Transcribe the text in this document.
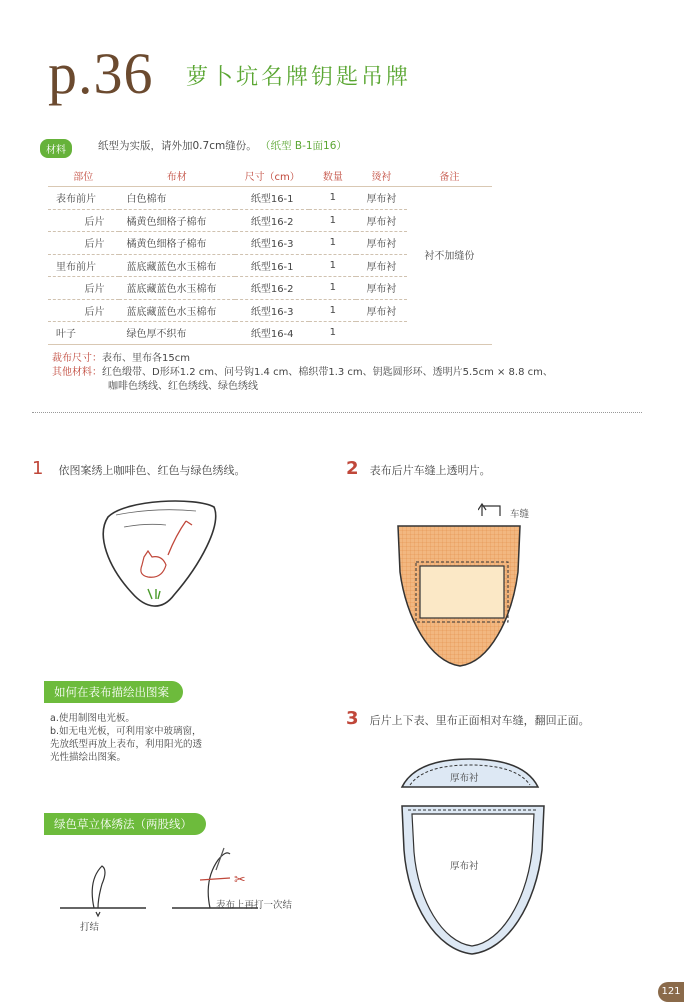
p.36 萝卜坑名牌钥匙吊牌
材料	纸型为实版，请外加0.7cm缝份。 （纸型 B-1面16）
部位	布材	尺寸（cm）	数量	烫衬	备注
表布前片	白色棉布	纸型16-1	1	厚布衬	衬不加缝份
后片	橘黄色细格子棉布	纸型16-2	1	厚布衬	
后片	橘黄色细格子棉布	纸型16-3	1	厚布衬	
里布前片	蓝底藏蓝色水玉棉布	纸型16-1	1	厚布衬	
后片	蓝底藏蓝色水玉棉布	纸型16-2	1	厚布衬	
后片	蓝底藏蓝色水玉棉布	纸型16-3	1	厚布衬	
叶子	绿色厚不织布	纸型16-4	1		
裁布尺寸：表布、里布各15cm
其他材料：红色缎带、D形环1.2 cm、问号钩1.4 cm、棉织带1.3 cm、钥匙圆形环、透明片5.5cm × 8.8 cm、
咖啡色绣线、红色绣线、绿色绣线
1 依图案绣上咖啡色、红色与绿色绣线。
如何在表布描绘出图案
a.使用制图电光板。
b.如无电光板，可利用家中玻璃窗，
先放纸型再放上表布，利用阳光的透
光性描绘出图案。
绿色草立体绣法（两股线）
打结
✂
表布上再打一次结
2 表布后片车缝上透明片。
车缝
3 后片上下表、里布正面相对车缝，翻回正面。
厚布衬
厚布衬
121
